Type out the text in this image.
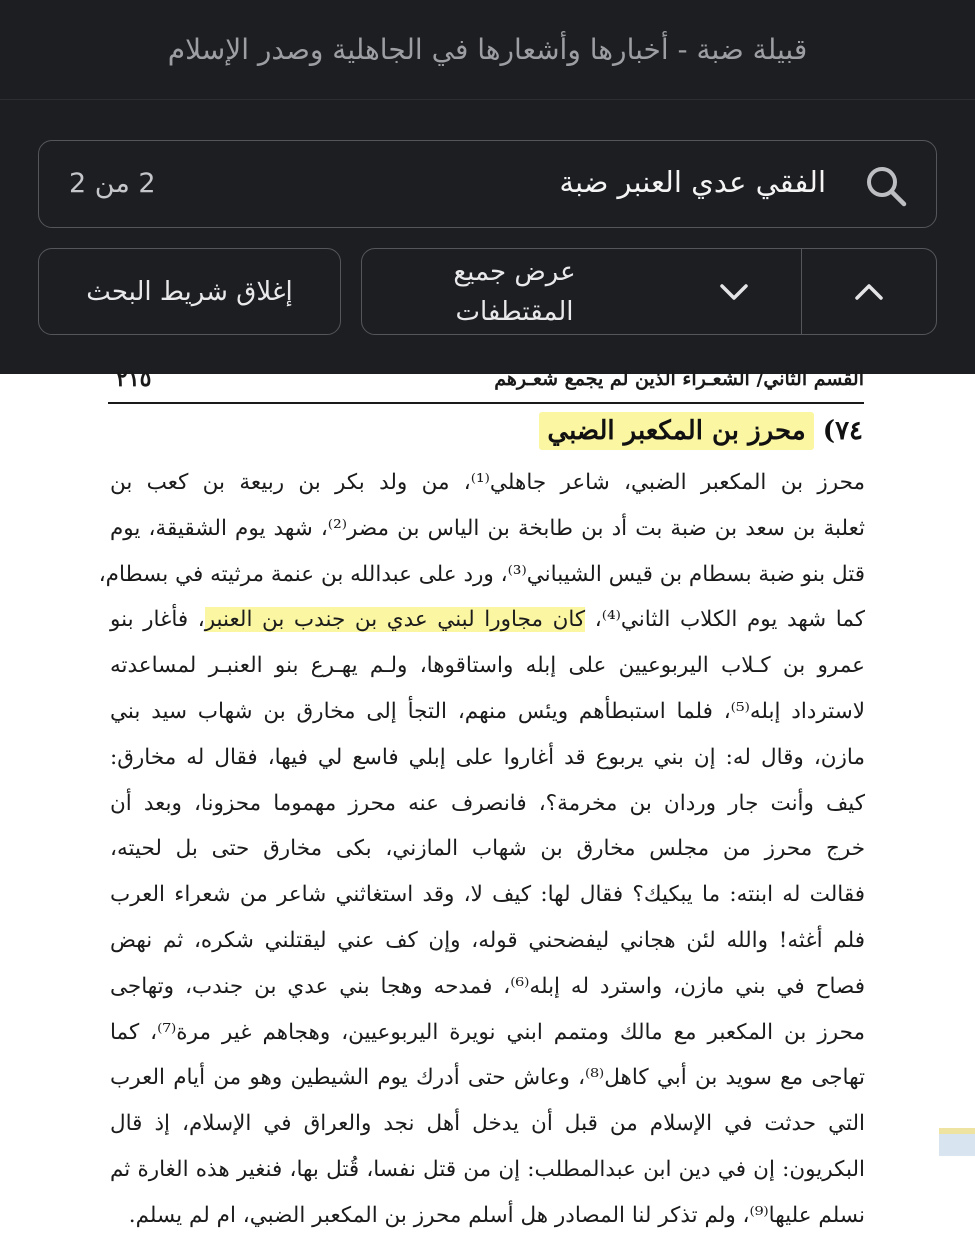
قبيلة ضبة - أخبارها وأشعارها في الجاهلية وصدر الإسلام
الفقي عدي العنبر ضبة
2 من 2
إغلاق شريط البحث
عرض جميع المقتطفات
القسم الثاني/ الشعـراء الذين لم يجمع شعـرهم
٢١٥
٧٤) محرز بن المكعبر الضبي
محرز بن المكعبر الضبي، شاعر جاهلي⁽¹⁾، من ولد بكر بن ربيعة بن كعب بن
ثعلبة بن سعد بن ضبة بت أد بن طابخة بن الياس بن مضر⁽²⁾، شهد يوم الشقيقة، يوم
قتل بنو ضبة بسطام بن قيس الشيباني⁽³⁾، ورد على عبدالله بن عنمة مرثيته في بسطام،
كما شهد يوم الكلاب الثاني⁽⁴⁾، كان مجاورا لبني عدي بن جندب بن العنبر، فأغار بنو
عمرو بن كـلاب اليربوعيين على إبله واستاقوها، ولـم يهـرع بنو العنبـر لمساعدته
لاسترداد إبله⁽⁵⁾، فلما استبطأهم ويئس منهم، التجأ إلى مخارق بن شهاب سيد بني
مازن، وقال له: إن بني يربوع قد أغاروا على إبلي فاسع لي فيها، فقال له مخارق:
كيف وأنت جار وردان بن مخرمة؟، فانصرف عنه محرز مهموما محزونا، وبعد أن
خرج محرز من مجلس مخارق بن شهاب المازني، بكى مخارق حتى بل لحيته،
فقالت له ابنته: ما يبكيك؟ فقال لها: كيف لا، وقد استغاثني شاعر من شعراء العرب
فلم أغثه! والله لئن هجاني ليفضحني قوله، وإن كف عني ليقتلني شكره، ثم نهض
فصاح في بني مازن، واسترد له إبله⁽⁶⁾، فمدحه وهجا بني عدي بن جندب، وتهاجى
محرز بن المكعبر مع مالك ومتمم ابني نويرة اليربوعيين، وهجاهم غير مرة⁽⁷⁾، كما
تهاجى مع سويد بن أبي كاهل⁽⁸⁾، وعاش حتى أدرك يوم الشيطين وهو من أيام العرب
التي حدثت في الإسلام من قبل أن يدخل أهل نجد والعراق في الإسلام، إذ قال
البكريون: إن في دين ابن عبدالمطلب: إن من قتل نفسا، قُتل بها، فنغير هذه الغارة ثم
نسلم عليها⁽⁹⁾، ولم تذكر لنا المصادر هل أسلم محرز بن المكعبر الضبي، ام لم يسلم.
